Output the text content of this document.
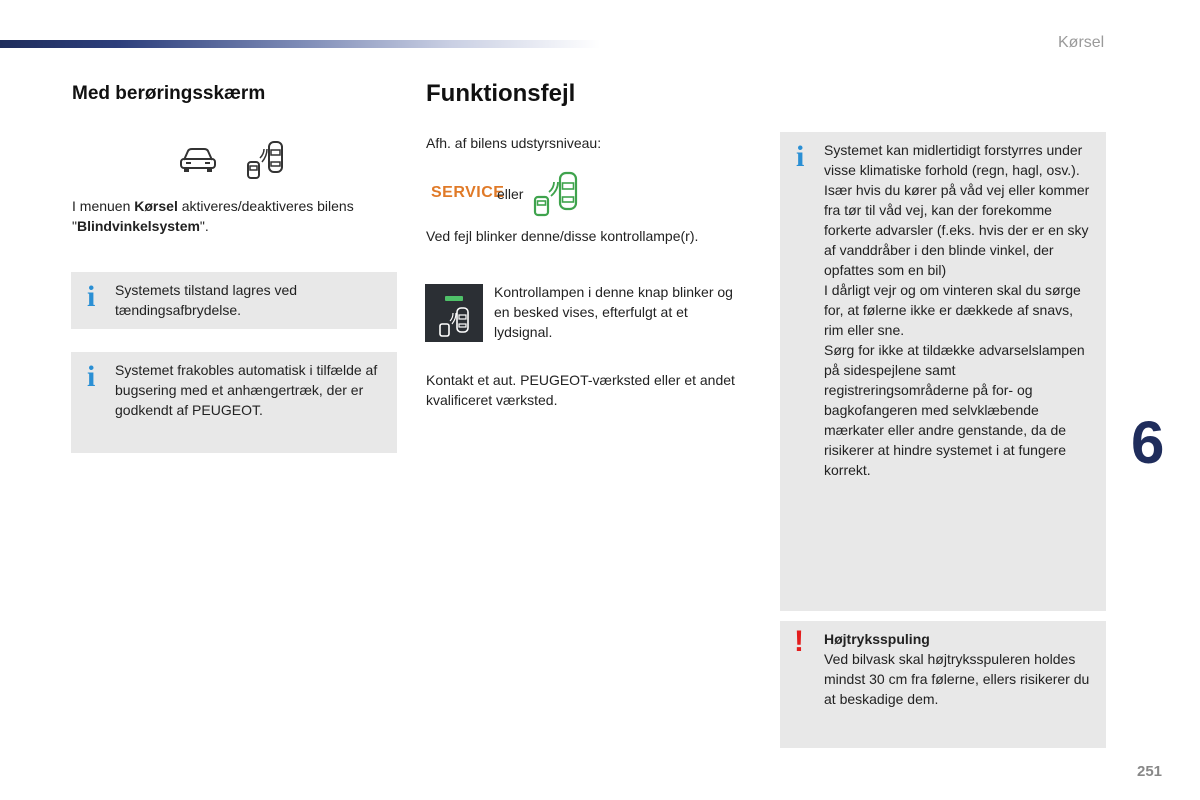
Kørsel
6
251
Med berøringsskærm
I menuen Kørsel aktiveres/deaktiveres bilens "Blindvinkelsystem".
i Systemets tilstand lagres ved tændingsafbrydelse.
i Systemet frakobles automatisk i tilfælde af bugsering med et anhængertræk, der er godkendt af PEUGEOT.
Funktionsfejl
Afh. af bilens udstyrsniveau:
SERVICE
eller
Ved fejl blinker denne/disse kontrollampe(r).
Kontrollampen i denne knap blinker og en besked vises, efterfulgt at et lydsignal.
Kontakt et aut. PEUGEOT-værksted eller et andet kvalificeret værksted.
i Systemet kan midlertidigt forstyrres under visse klimatiske forhold (regn, hagl, osv.).
Især hvis du kører på våd vej eller kommer fra tør til våd vej, kan der forekomme forkerte advarsler (f.eks. hvis der er en sky af vanddråber i den blinde vinkel, der opfattes som en bil)
I dårligt vejr og om vinteren skal du sørge for, at følerne ikke er dækkede af snavs, rim eller sne.
Sørg for ikke at tildække advarselslampen på sidespejlene samt registreringsområderne på for- og bagkofangeren med selvklæbende mærkater eller andre genstande, da de risikerer at hindre systemet i at fungere korrekt.
! Højtryksspuling
Ved bilvask skal højtryksspuleren holdes mindst 30 cm fra følerne, ellers risikerer du at beskadige dem.
